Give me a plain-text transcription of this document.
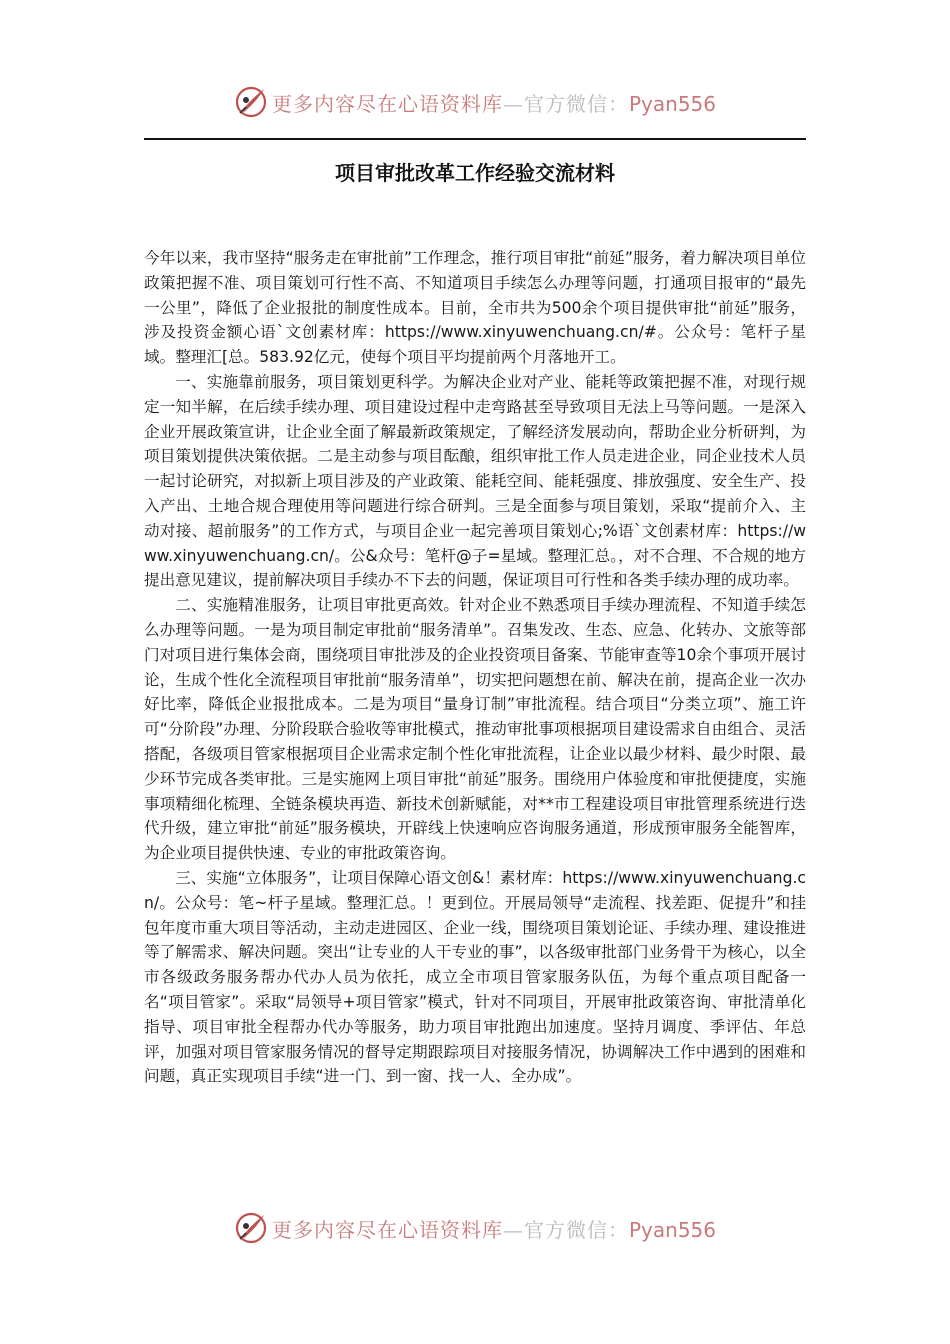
更多内容尽在心语资料库—官方微信：Pyan556
项目审批改革工作经验交流材料

今年以来，我市坚持“服务走在审批前”工作理念，推行项目审批“前延”服务，着力解决项目单位政策把握不准、项目策划可行性不高、不知道项目手续怎么办理等问题，打通项目报审的“最先一公里”，降低了企业报批的制度性成本。目前，全市共为500余个项目提供审批“前延”服务，涉及投资金额心语`文创素材库：https://www.xinyuwenchuang.cn/#。公众号：笔杆子星域。整理汇[总。583.92亿元，使每个项目平均提前两个月落地开工。

一、实施靠前服务，项目策划更科学。为解决企业对产业、能耗等政策把握不准，对现行规定一知半解，在后续手续办理、项目建设过程中走弯路甚至导致项目无法上马等问题。一是深入企业开展政策宣讲，让企业全面了解最新政策规定，了解经济发展动向，帮助企业分析研判，为项目策划提供决策依据。二是主动参与项目酝酿，组织审批工作人员走进企业，同企业技术人员一起讨论研究，对拟新上项目涉及的产业政策、能耗空间、能耗强度、排放强度、安全生产、投入产出、土地合规合理使用等问题进行综合研判。三是全面参与项目策划，采取“提前介入、主动对接、超前服务”的工作方式，与项目企业一起完善项目策划心;%语`文创素材库：https://www.xinyuwenchuang.cn/。公&众号：笔杆@子=星域。整理汇总。，对不合理、不合规的地方提出意见建议，提前解决项目手续办不下去的问题，保证项目可行性和各类手续办理的成功率。

二、实施精准服务，让项目审批更高效。针对企业不熟悉项目手续办理流程、不知道手续怎么办理等问题。一是为项目制定审批前“服务清单”。召集发改、生态、应急、化转办、文旅等部门对项目进行集体会商，围绕项目审批涉及的企业投资项目备案、节能审查等10余个事项开展讨论，生成个性化全流程项目审批前“服务清单”，切实把问题想在前、解决在前，提高企业一次办好比率，降低企业报批成本。二是为项目“量身订制”审批流程。结合项目“分类立项”、施工许可“分阶段”办理、分阶段联合验收等审批模式，推动审批事项根据项目建设需求自由组合、灵活搭配，各级项目管家根据项目企业需求定制个性化审批流程，让企业以最少材料、最少时限、最少环节完成各类审批。三是实施网上项目审批“前延”服务。围绕用户体验度和审批便捷度，实施事项精细化梳理、全链条模块再造、新技术创新赋能，对**市工程建设项目审批管理系统进行迭代升级，建立审批“前延”服务模块，开辟线上快速响应咨询服务通道，形成预审服务全能智库，为企业项目提供快速、专业的审批政策咨询。

三、实施“立体服务”，让项目保障心语文创&！素材库：https://www.xinyuwenchuang.cn/。公众号：笔~杆子星域。整理汇总。！更到位。开展局领导“走流程、找差距、促提升”和挂包年度市重大项目等活动，主动走进园区、企业一线，围绕项目策划论证、手续办理、建设推进等了解需求、解决问题。突出“让专业的人干专业的事”，以各级审批部门业务骨干为核心，以全市各级政务服务帮办代办人员为依托，成立全市项目管家服务队伍，为每个重点项目配备一名“项目管家”。采取“局领导+项目管家”模式，针对不同项目，开展审批政策咨询、审批清单化指导、项目审批全程帮办代办等服务，助力项目审批跑出加速度。坚持月调度、季评估、年总评，加强对项目管家服务情况的督导定期跟踪项目对接服务情况，协调解决工作中遇到的困难和问题，真正实现项目手续“进一门、到一窗、找一人、全办成”。

更多内容尽在心语资料库—官方微信：Pyan556
